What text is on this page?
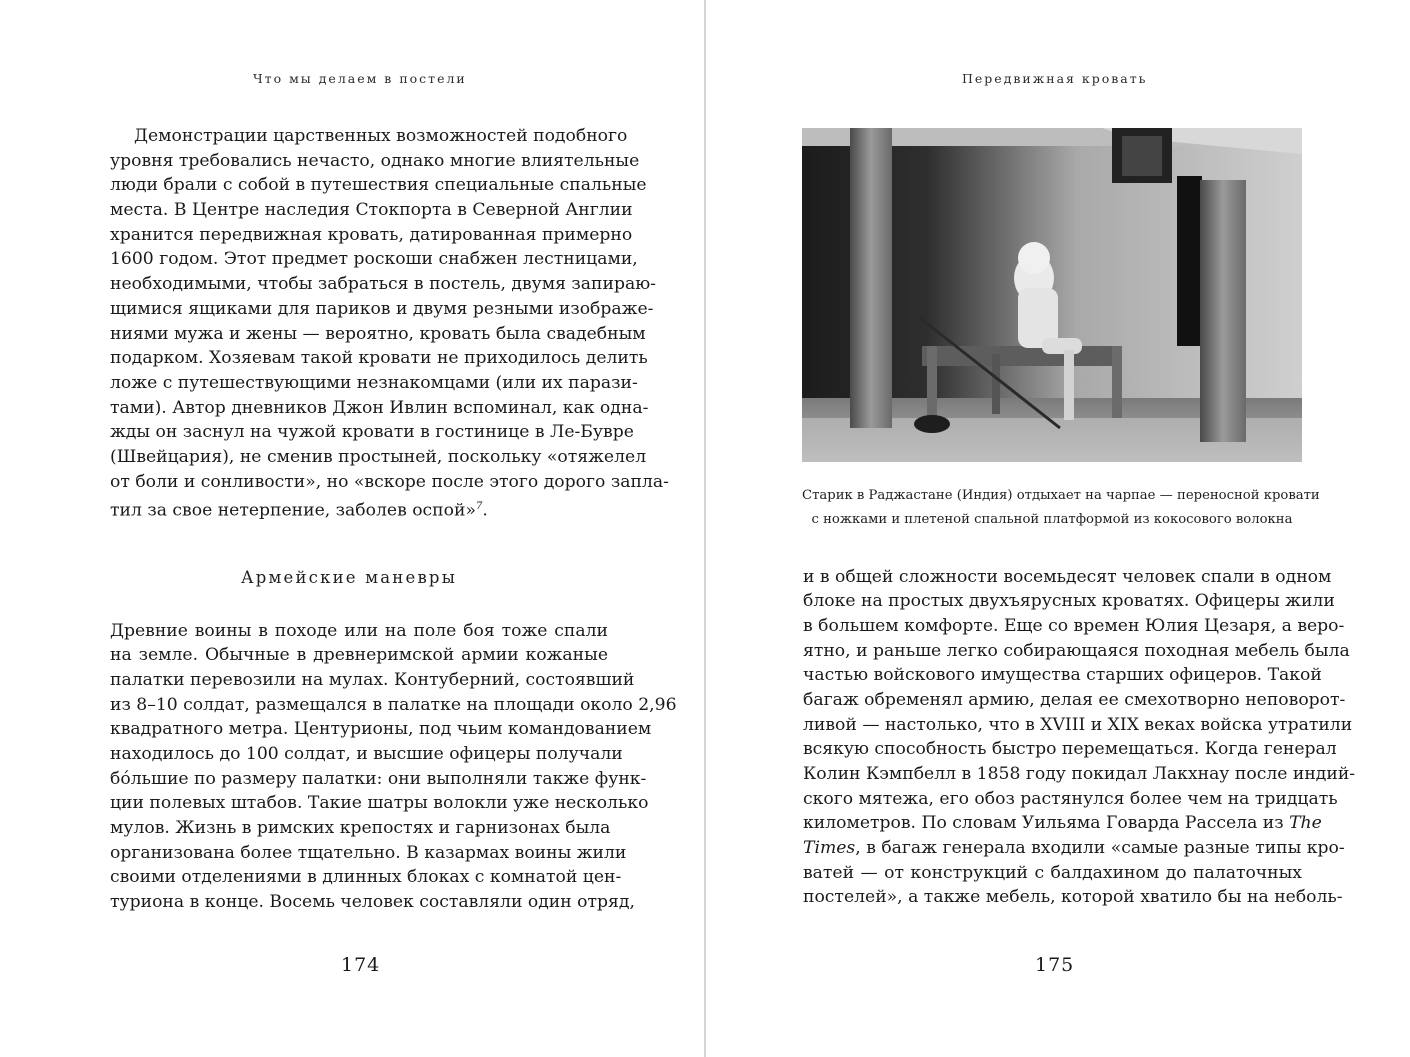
Что мы делаем в постели
Демонстрации царственных возможностей подобного
уровня требовались нечасто, однако многие влиятельные
люди брали с собой в путешествия специальные спальные
места. В Центре наследия Стокпорта в Северной Англии
хранится передвижная кровать, датированная примерно
1600 годом. Этот предмет роскоши снабжен лестницами,
необходимыми, чтобы забраться в постель, двумя запираю-
щимися ящиками для париков и двумя резными изображе-
ниями мужа и жены — вероятно, кровать была свадебным
подарком. Хозяевам такой кровати не приходилось делить
ложе с путешествующими незнакомцами (или их парази-
тами). Автор дневников Джон Ивлин вспоминал, как одна-
жды он заснул на чужой кровати в гостинице в Ле-Бувре
(Швейцария), не сменив простыней, поскольку «отяжелел
от боли и сонливости», но «вскоре после этого дорого запла-
тил за свое нетерпение, заболев оспой»$^7$.
Армейские маневры
Древние воины в походе или на поле боя тоже спали
на земле. Обычные в древнеримской армии кожаные
палатки перевозили на мулах. Контуберний, состоявший
из 8–10 солдат, размещался в палатке на площади около 2,96
квадратного метра. Центурионы, под чьим командованием
находилось до 100 солдат, и высшие офицеры получали
бóльшие по размеру палатки: они выполняли также функ-
ции полевых штабов. Такие шатры волокли уже несколько
мулов. Жизнь в римских крепостях и гарнизонах была
организована более тщательно. В казармах воины жили
своими отделениями в длинных блоках с комнатой цен-
туриона в конце. Восемь человек составляли один отряд,
174
Передвижная кровать
Старик в Раджастане (Индия) отдыхает на чарпае — переносной кровати
с ножками и плетеной спальной платформой из кокосового волокна
и в общей сложности восемьдесят человек спали в одном
блоке на простых двухъярусных кроватях. Офицеры жили
в большем комфорте. Еще со времен Юлия Цезаря, а веро-
ятно, и раньше легко собирающаяся походная мебель была
частью войскового имущества старших офицеров. Такой
багаж обременял армию, делая ее смехотворно неповорот-
ливой — настолько, что в XVIII и XIX веках войска утратили
всякую способность быстро перемещаться. Когда генерал
Колин Кэмпбелл в 1858 году покидал Лакхнау после индий-
ского мятежа, его обоз растянулся более чем на тридцать
километров. По словам Уильяма Говарда Рассела из The
Times, в багаж генерала входили «самые разные типы кро-
ватей — от конструкций с балдахином до палаточных
постелей», а также мебель, которой хватило бы на неболь-
175
